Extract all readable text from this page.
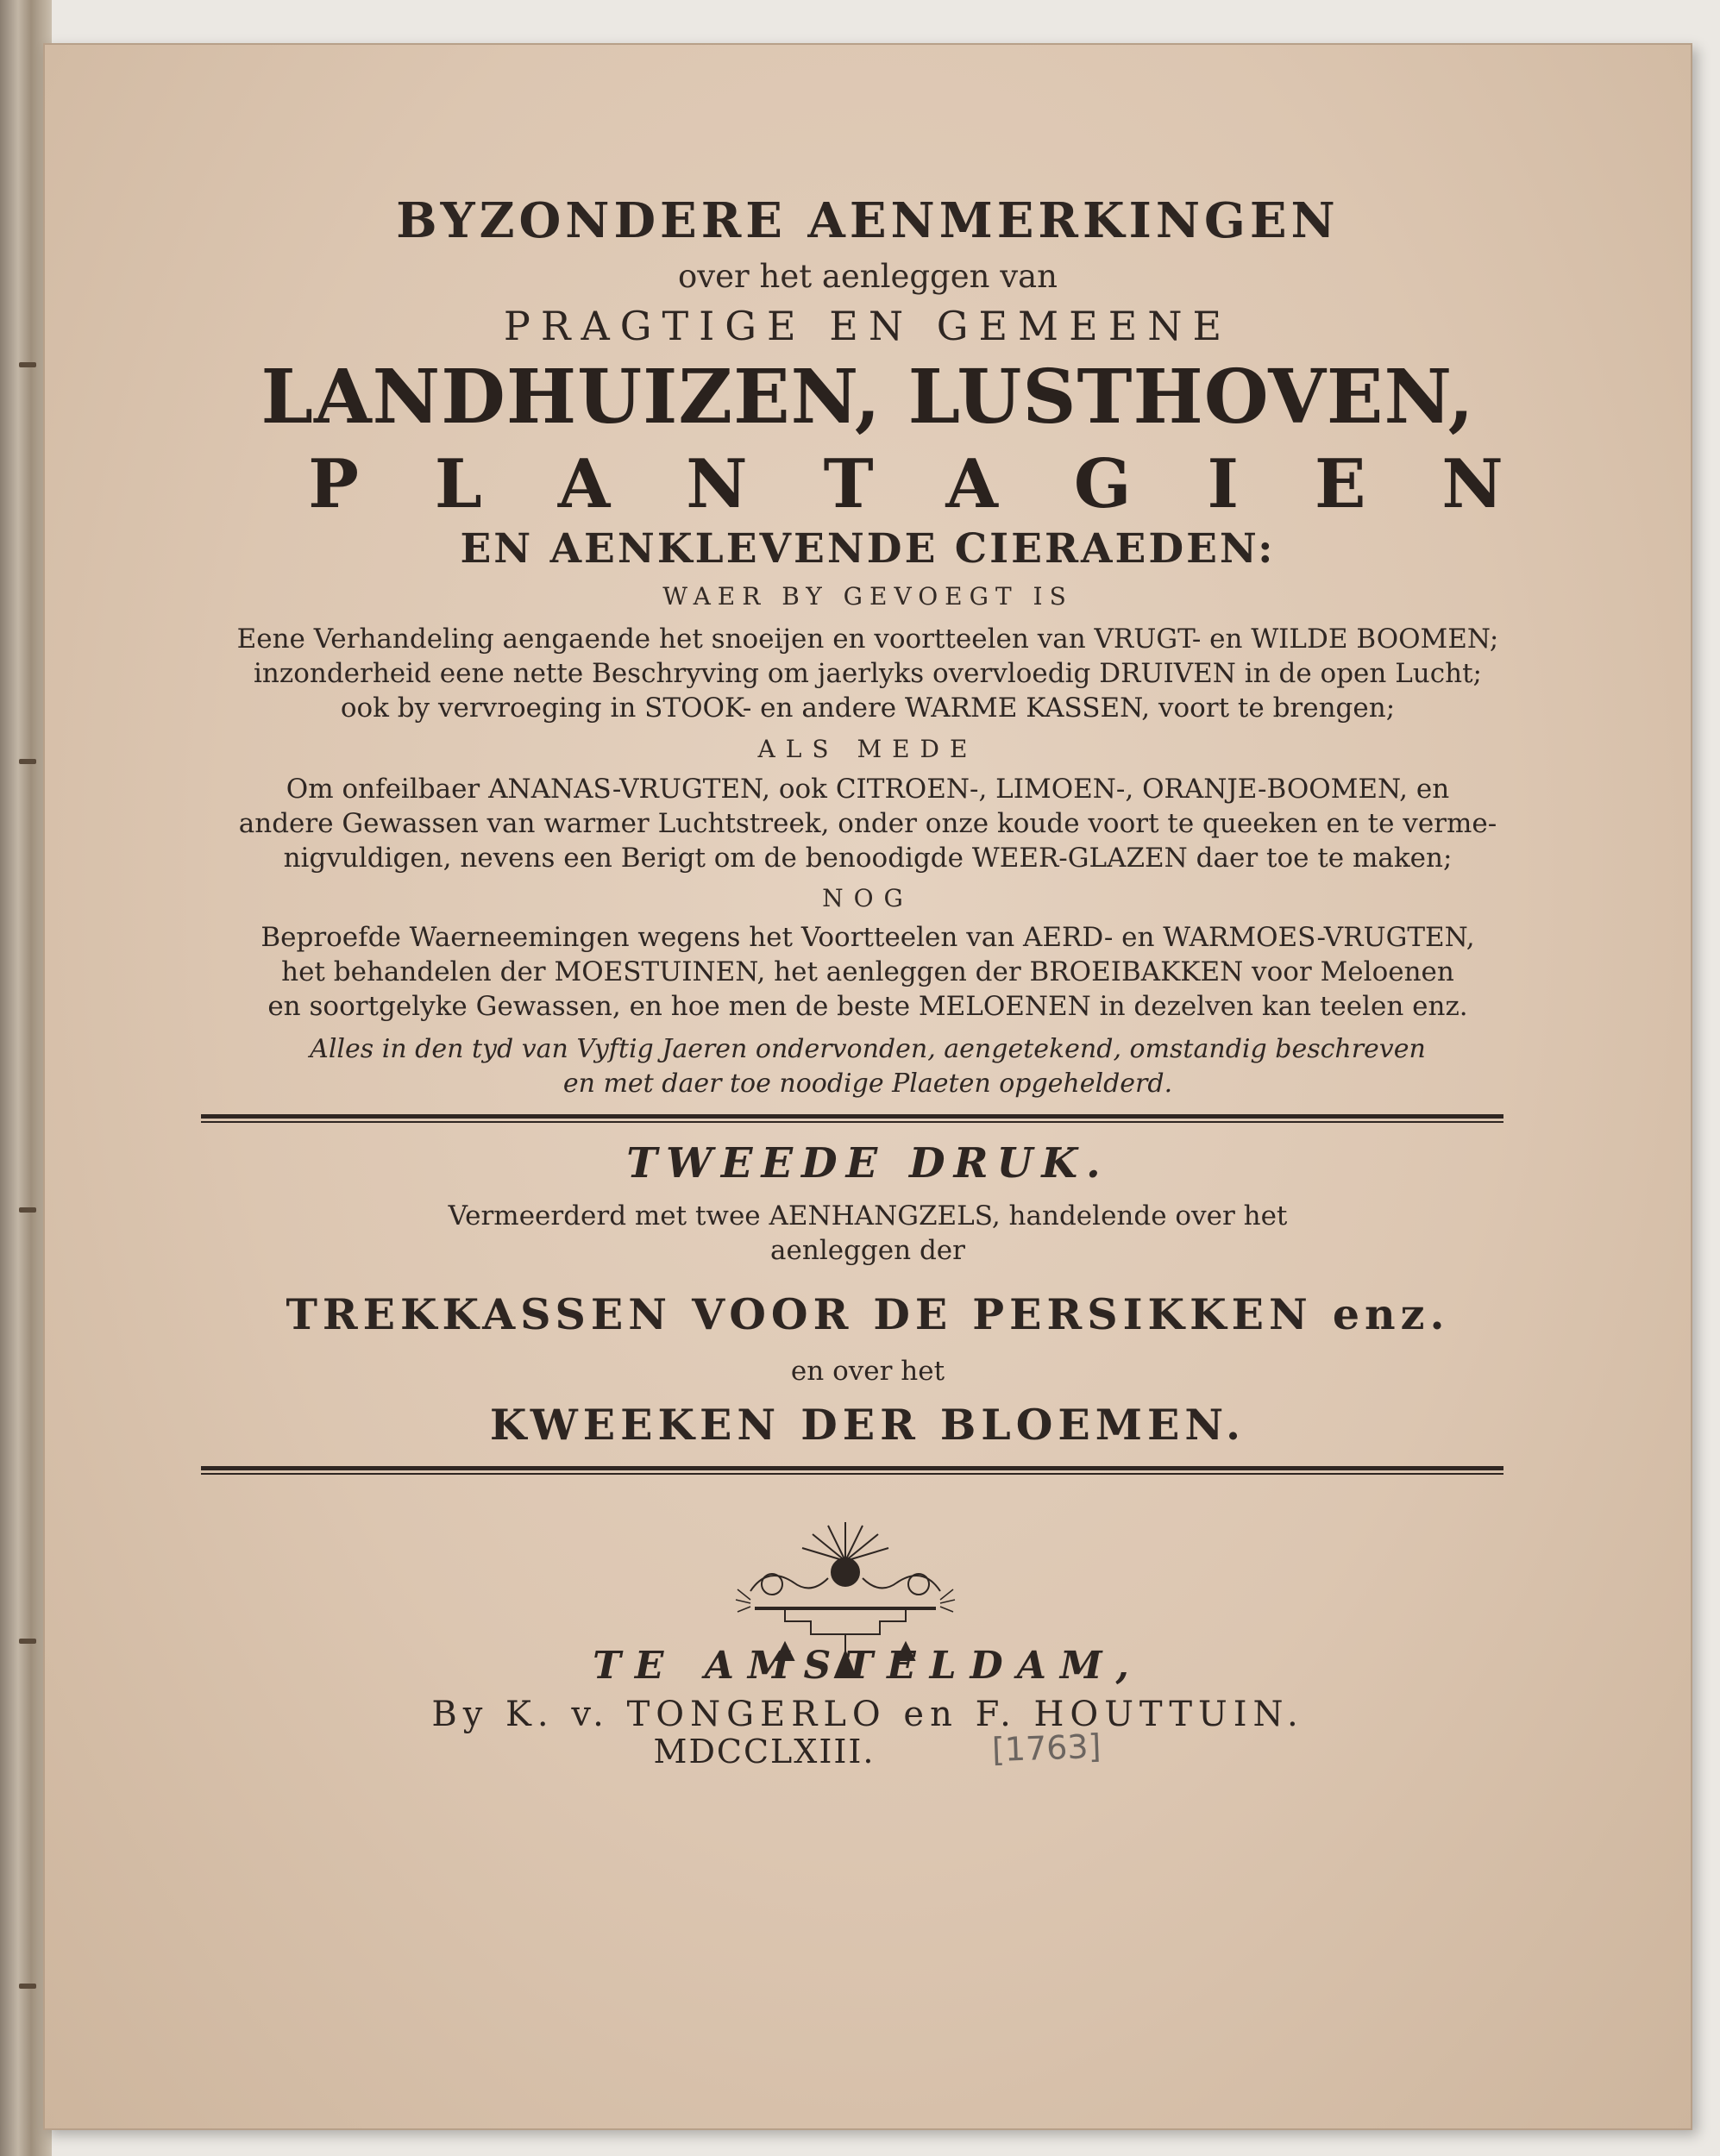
BYZONDERE AENMERKINGEN
over het aenleggen van
PRAGTIGE EN GEMEENE
LANDHUIZEN, LUSTHOVEN,
PLANTAGIEN
EN AENKLEVENDE CIERAEDEN:
WAER BY GEVOEGT IS
Eene Verhandeling aengaende het snoeijen en voortteelen van VRUGT- en WILDE BOOMEN;
inzonderheid eene nette Beschryving om jaerlyks overvloedig DRUIVEN in de open Lucht;
ook by vervroeging in STOOK- en andere WARME KASSEN, voort te brengen;
ALS MEDE
Om onfeilbaer ANANAS-VRUGTEN, ook CITROEN-, LIMOEN-, ORANJE-BOOMEN, en
andere Gewassen van warmer Luchtstreek, onder onze koude voort te queeken en te verme-
nigvuldigen, nevens een Berigt om de benoodigde WEER-GLAZEN daer toe te maken;
NOG
Beproefde Waerneemingen wegens het Voortteelen van AERD- en WARMOES-VRUGTEN,
het behandelen der MOESTUINEN, het aenleggen der BROEIBAKKEN voor Meloenen
en soortgelyke Gewassen, en hoe men de beste MELOENEN in dezelven kan teelen enz.
Alles in den tyd van Vyftig Jaeren ondervonden, aengetekend, omstandig beschreven
en met daer toe noodige Plaeten opgehelderd.
TWEEDE DRUK.
Vermeerderd met twee AENHANGZELS, handelende over het
aenleggen der
TREKKASSEN VOOR DE PERSIKKEN enz.
en over het
KWEEKEN DER BLOEMEN.
TE AMSTELDAM,
By K. v. TONGERLO en F. HOUTTUIN.
MDCCLXIII.	[1763]
